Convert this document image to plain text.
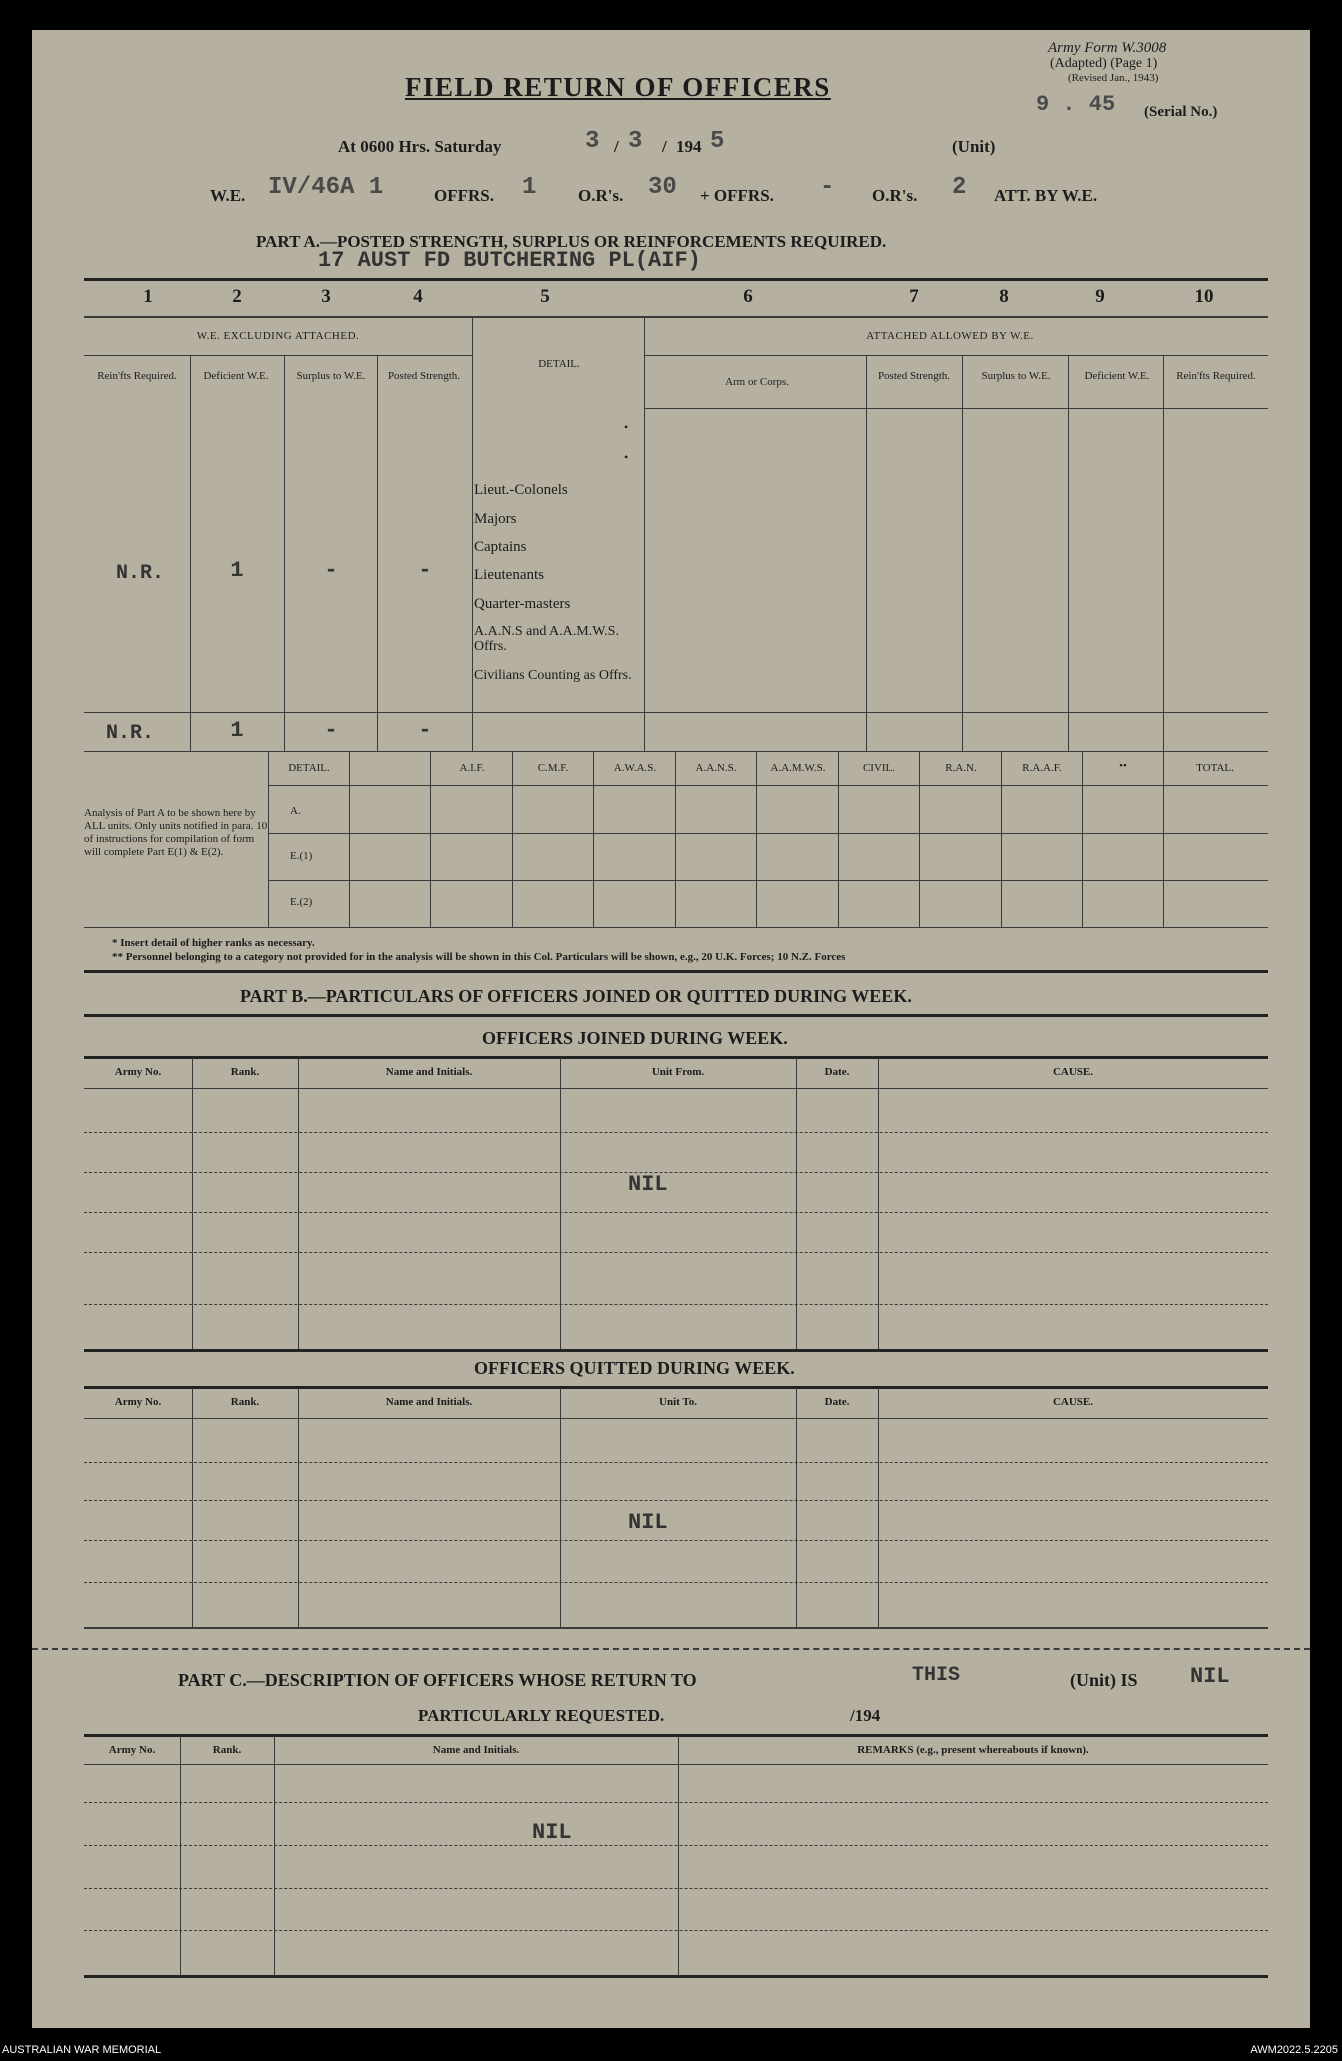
Army Form W.3008
(Adapted) (Page 1)
(Revised Jan., 1943)
9 . 45 (Serial No.)
FIELD RETURN OF OFFICERS
At 0600 Hrs. Saturday	3 / 3 / 194 5	(Unit)
W.E. IV/46A 1	OFFRS. 1 O.R's. 30 + OFFRS. - O.R's. 2 ATT. BY W.E.
PART A.—POSTED STRENGTH, SURPLUS OR REINFORCEMENTS REQUIRED.
17 AUST FD BUTCHERING PL(AIF)
1	2	3	4	5	6	7	8	9	10
W.E. EXCLUDING ATTACHED.	ATTACHED ALLOWED BY W.E.
DETAIL.
Rein'fts Required.	Deficient W.E.	Surplus to W.E.	Posted Strength.	Arm or Corps.	Posted Strength.	Surplus to W.E.	Deficient W.E.	Rein'fts Required.
•
•
Lieut.-Colonels
Majors
Captains
Lieutenants
Quarter-masters
A.A.N.S and A.A.M.W.S. Offrs.
Civilians Counting as Offrs.
N.R.	1	-	-
N.R.	1	-	-
Analysis of Part A to be shown here by ALL units. Only units notified in para. 10 of instructions for compilation of form will complete Part E(1) & E(2).
DETAIL.	A.I.F.	C.M.F.	A.W.A.S.	A.A.N.S.	A.A.M.W.S.	CIVIL.	R.A.N.	R.A.A.F.	••	TOTAL.
A.
E.(1)
E.(2)
* Insert detail of higher ranks as necessary.
** Personnel belonging to a category not provided for in the analysis will be shown in this Col. Particulars will be shown, e.g., 20 U.K. Forces; 10 N.Z. Forces
PART B.—PARTICULARS OF OFFICERS JOINED OR QUITTED DURING WEEK.
OFFICERS JOINED DURING WEEK.
Army No.	Rank.	Name and Initials.	Unit From.	Date.	CAUSE.
NIL
OFFICERS QUITTED DURING WEEK.
Army No.	Rank.	Name and Initials.	Unit To.	Date.	CAUSE.
NIL
PART C.—DESCRIPTION OF OFFICERS WHOSE RETURN TO	THIS	(Unit) IS NIL
PARTICULARLY REQUESTED.	/194
Army No.	Rank.	Name and Initials.	REMARKS (e.g., present whereabouts if known).
NIL
AUSTRALIAN WAR MEMORIAL	AWM2022.5.2205
